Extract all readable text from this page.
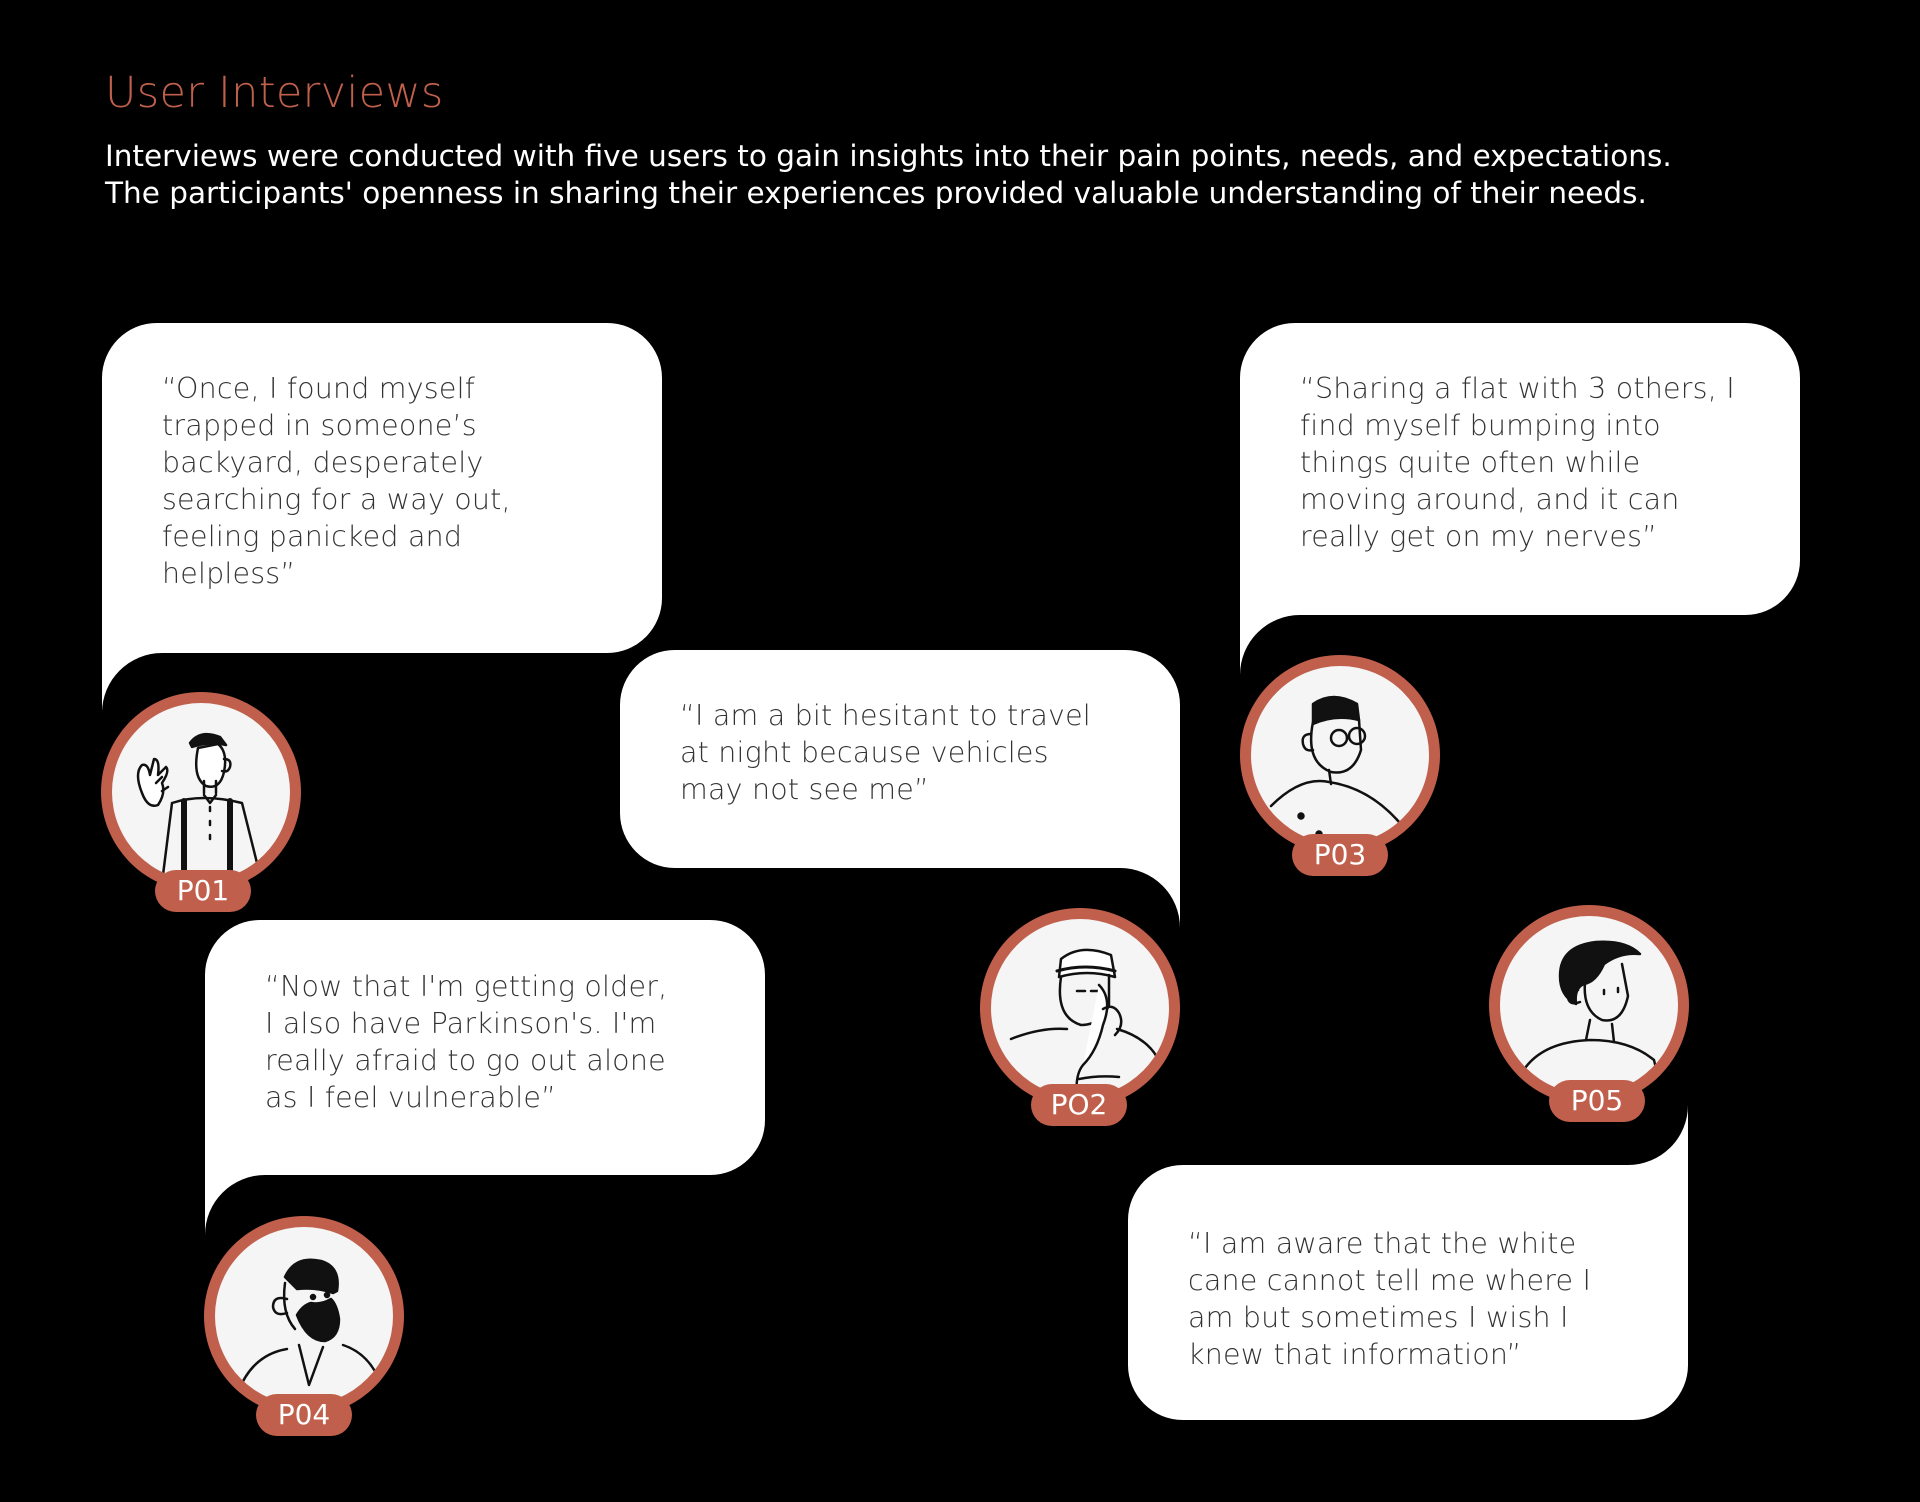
User Interviews
Interviews were conducted with five users to gain insights into their pain points, needs, and expectations.
The participants' openness in sharing their experiences provided valuable understanding of their needs.
“Once, I found myself
trapped in someone’s
backyard, desperately
searching for a way out,
feeling panicked and
helpless”
P01
“I am a bit hesitant to travel
at night because vehicles
may not see me”
PO2
“Sharing a flat with 3 others, I
find myself bumping into
things quite often while
moving around, and it can
really get on my nerves”
P03
“Now that I'm getting older,
I also have Parkinson's. I'm
really afraid to go out alone
as I feel vulnerable”
P04
“I am aware that the white
cane cannot tell me where I
am but sometimes I wish I
knew that information”
P05
